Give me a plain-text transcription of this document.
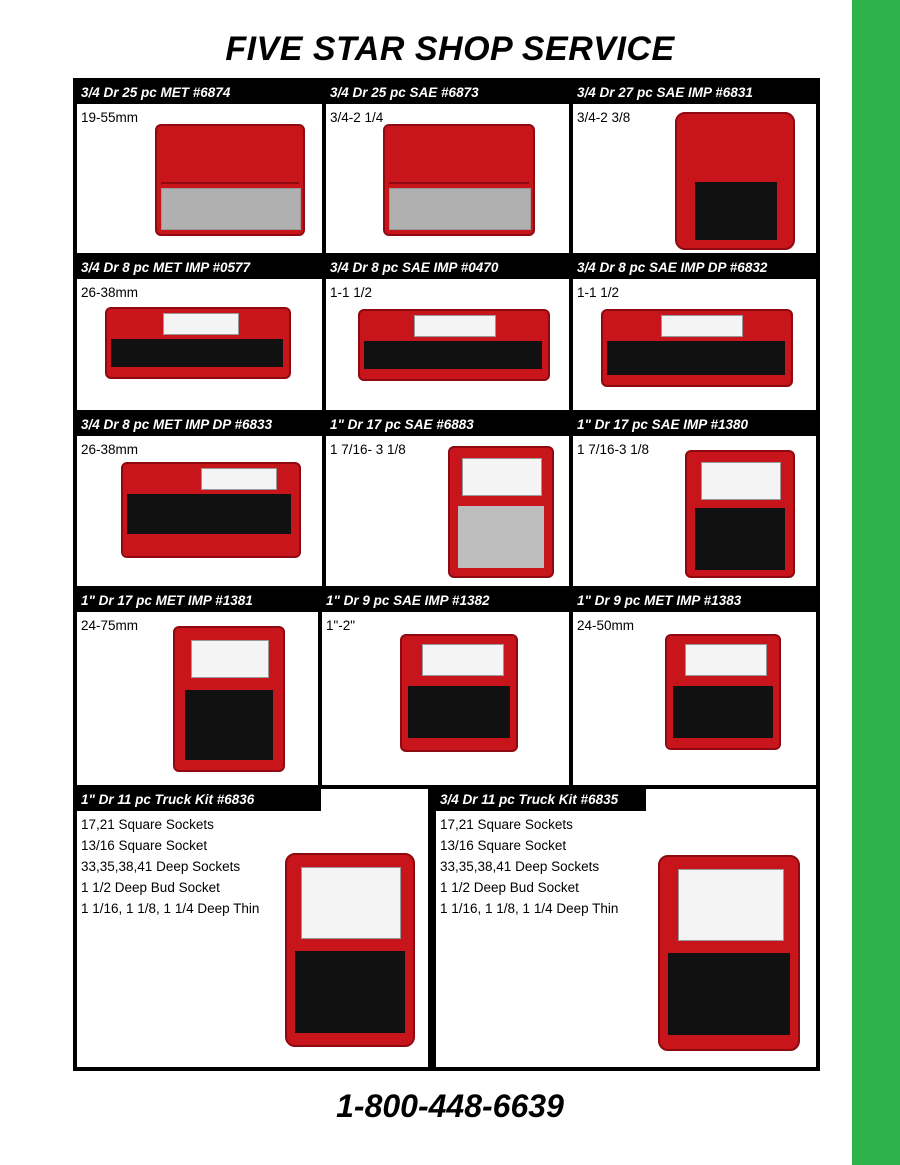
FIVE STAR SHOP SERVICE
3/4 Dr 25 pc MET #6874
19-55mm
3/4 Dr 25 pc SAE #6873
3/4-2 1/4
3/4 Dr 27 pc SAE IMP #6831
3/4-2 3/8
3/4 Dr 8 pc MET IMP #0577
26-38mm
3/4 Dr 8 pc SAE IMP #0470
1-1 1/2
3/4 Dr 8 pc SAE IMP DP #6832
1-1 1/2
3/4 Dr 8 pc MET IMP DP #6833
26-38mm
1" Dr 17 pc SAE #6883
1 7/16- 3 1/8
1" Dr 17 pc SAE IMP #1380
1 7/16-3 1/8
1" Dr 17 pc MET IMP #1381
24-75mm
1" Dr 9 pc SAE IMP #1382
1"-2"
1" Dr 9 pc MET IMP #1383
24-50mm
1" Dr 11 pc Truck Kit #6836
17,21 Square Sockets
13/16 Square Socket
33,35,38,41 Deep Sockets
1 1/2 Deep Bud Socket
1 1/16, 1 1/8, 1 1/4 Deep Thin
3/4 Dr 11 pc Truck Kit #6835
17,21 Square Sockets
13/16 Square Socket
33,35,38,41 Deep Sockets
1 1/2 Deep Bud Socket
1 1/16, 1 1/8, 1 1/4 Deep Thin
1-800-448-6639
